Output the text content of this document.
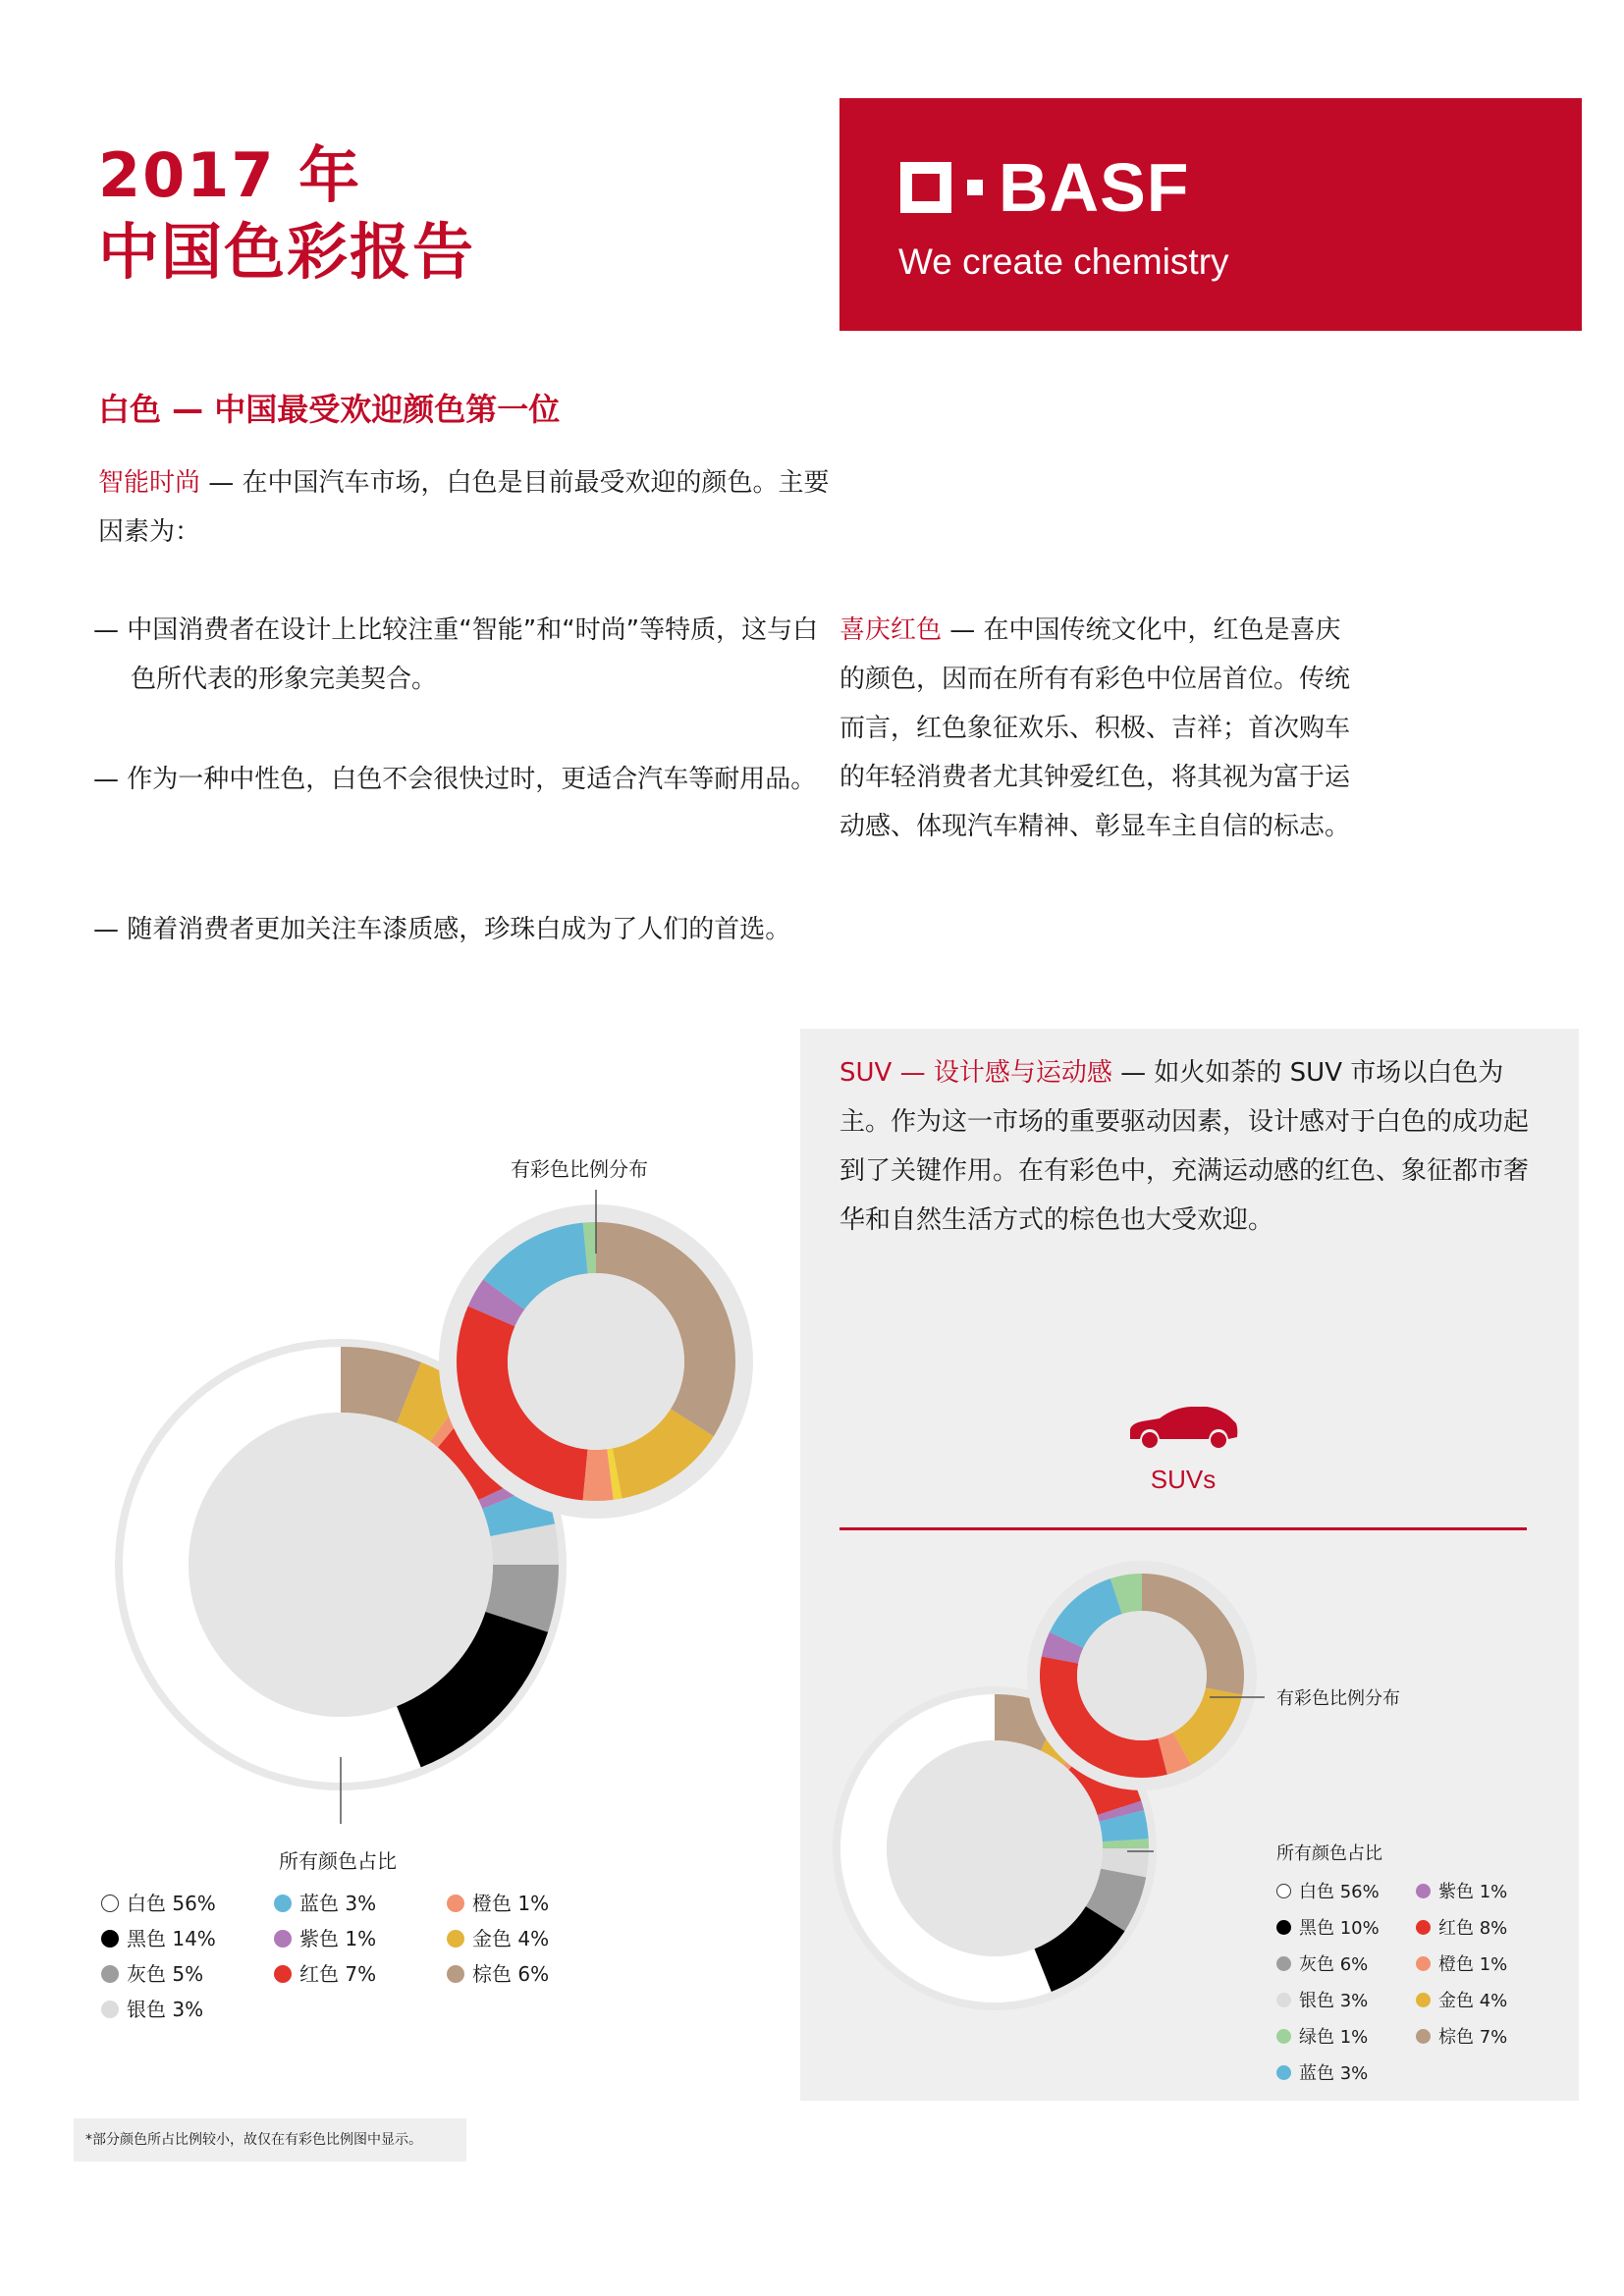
2017 年
中国色彩报告
BASF
We create chemistry
白色 — 中国最受欢迎颜色第一位
智能时尚 — 在中国汽车市场，白色是目前最受欢迎的颜色。主要因素为：
— 中国消费者在设计上比较注重“智能”和“时尚”等特质，这与白色所代表的形象完美契合。
— 作为一种中性色，白色不会很快过时，更适合汽车等耐用品。
— 随着消费者更加关注车漆质感，珍珠白成为了人们的首选。
喜庆红色 — 在中国传统文化中，红色是喜庆的颜色，因而在所有有彩色中位居首位。传统而言，红色象征欢乐、积极、吉祥；首次购车的年轻消费者尤其钟爱红色，将其视为富于运动感、体现汽车精神、彰显车主自信的标志。
SUV — 设计感与运动感 — 如火如荼的 SUV 市场以白色为主。作为这一市场的重要驱动因素，设计感对于白色的成功起到了关键作用。在有彩色中，充满运动感的红色、象征都市奢华和自然生活方式的棕色也大受欢迎。
SUVs
有彩色比例分布
所有颜色占比
白色 56%
黑色 14%
灰色 5%
银色 3%
蓝色 3%
紫色 1%
红色 7%
橙色 1%
金色 4%
棕色 6%
有彩色比例分布
所有颜色占比
白色 56%
黑色 10%
灰色 6%
银色 3%
绿色 1%
蓝色 3%
紫色 1%
红色 8%
橙色 1%
金色 4%
棕色 7%
*部分颜色所占比例较小，故仅在有彩色比例图中显示。
